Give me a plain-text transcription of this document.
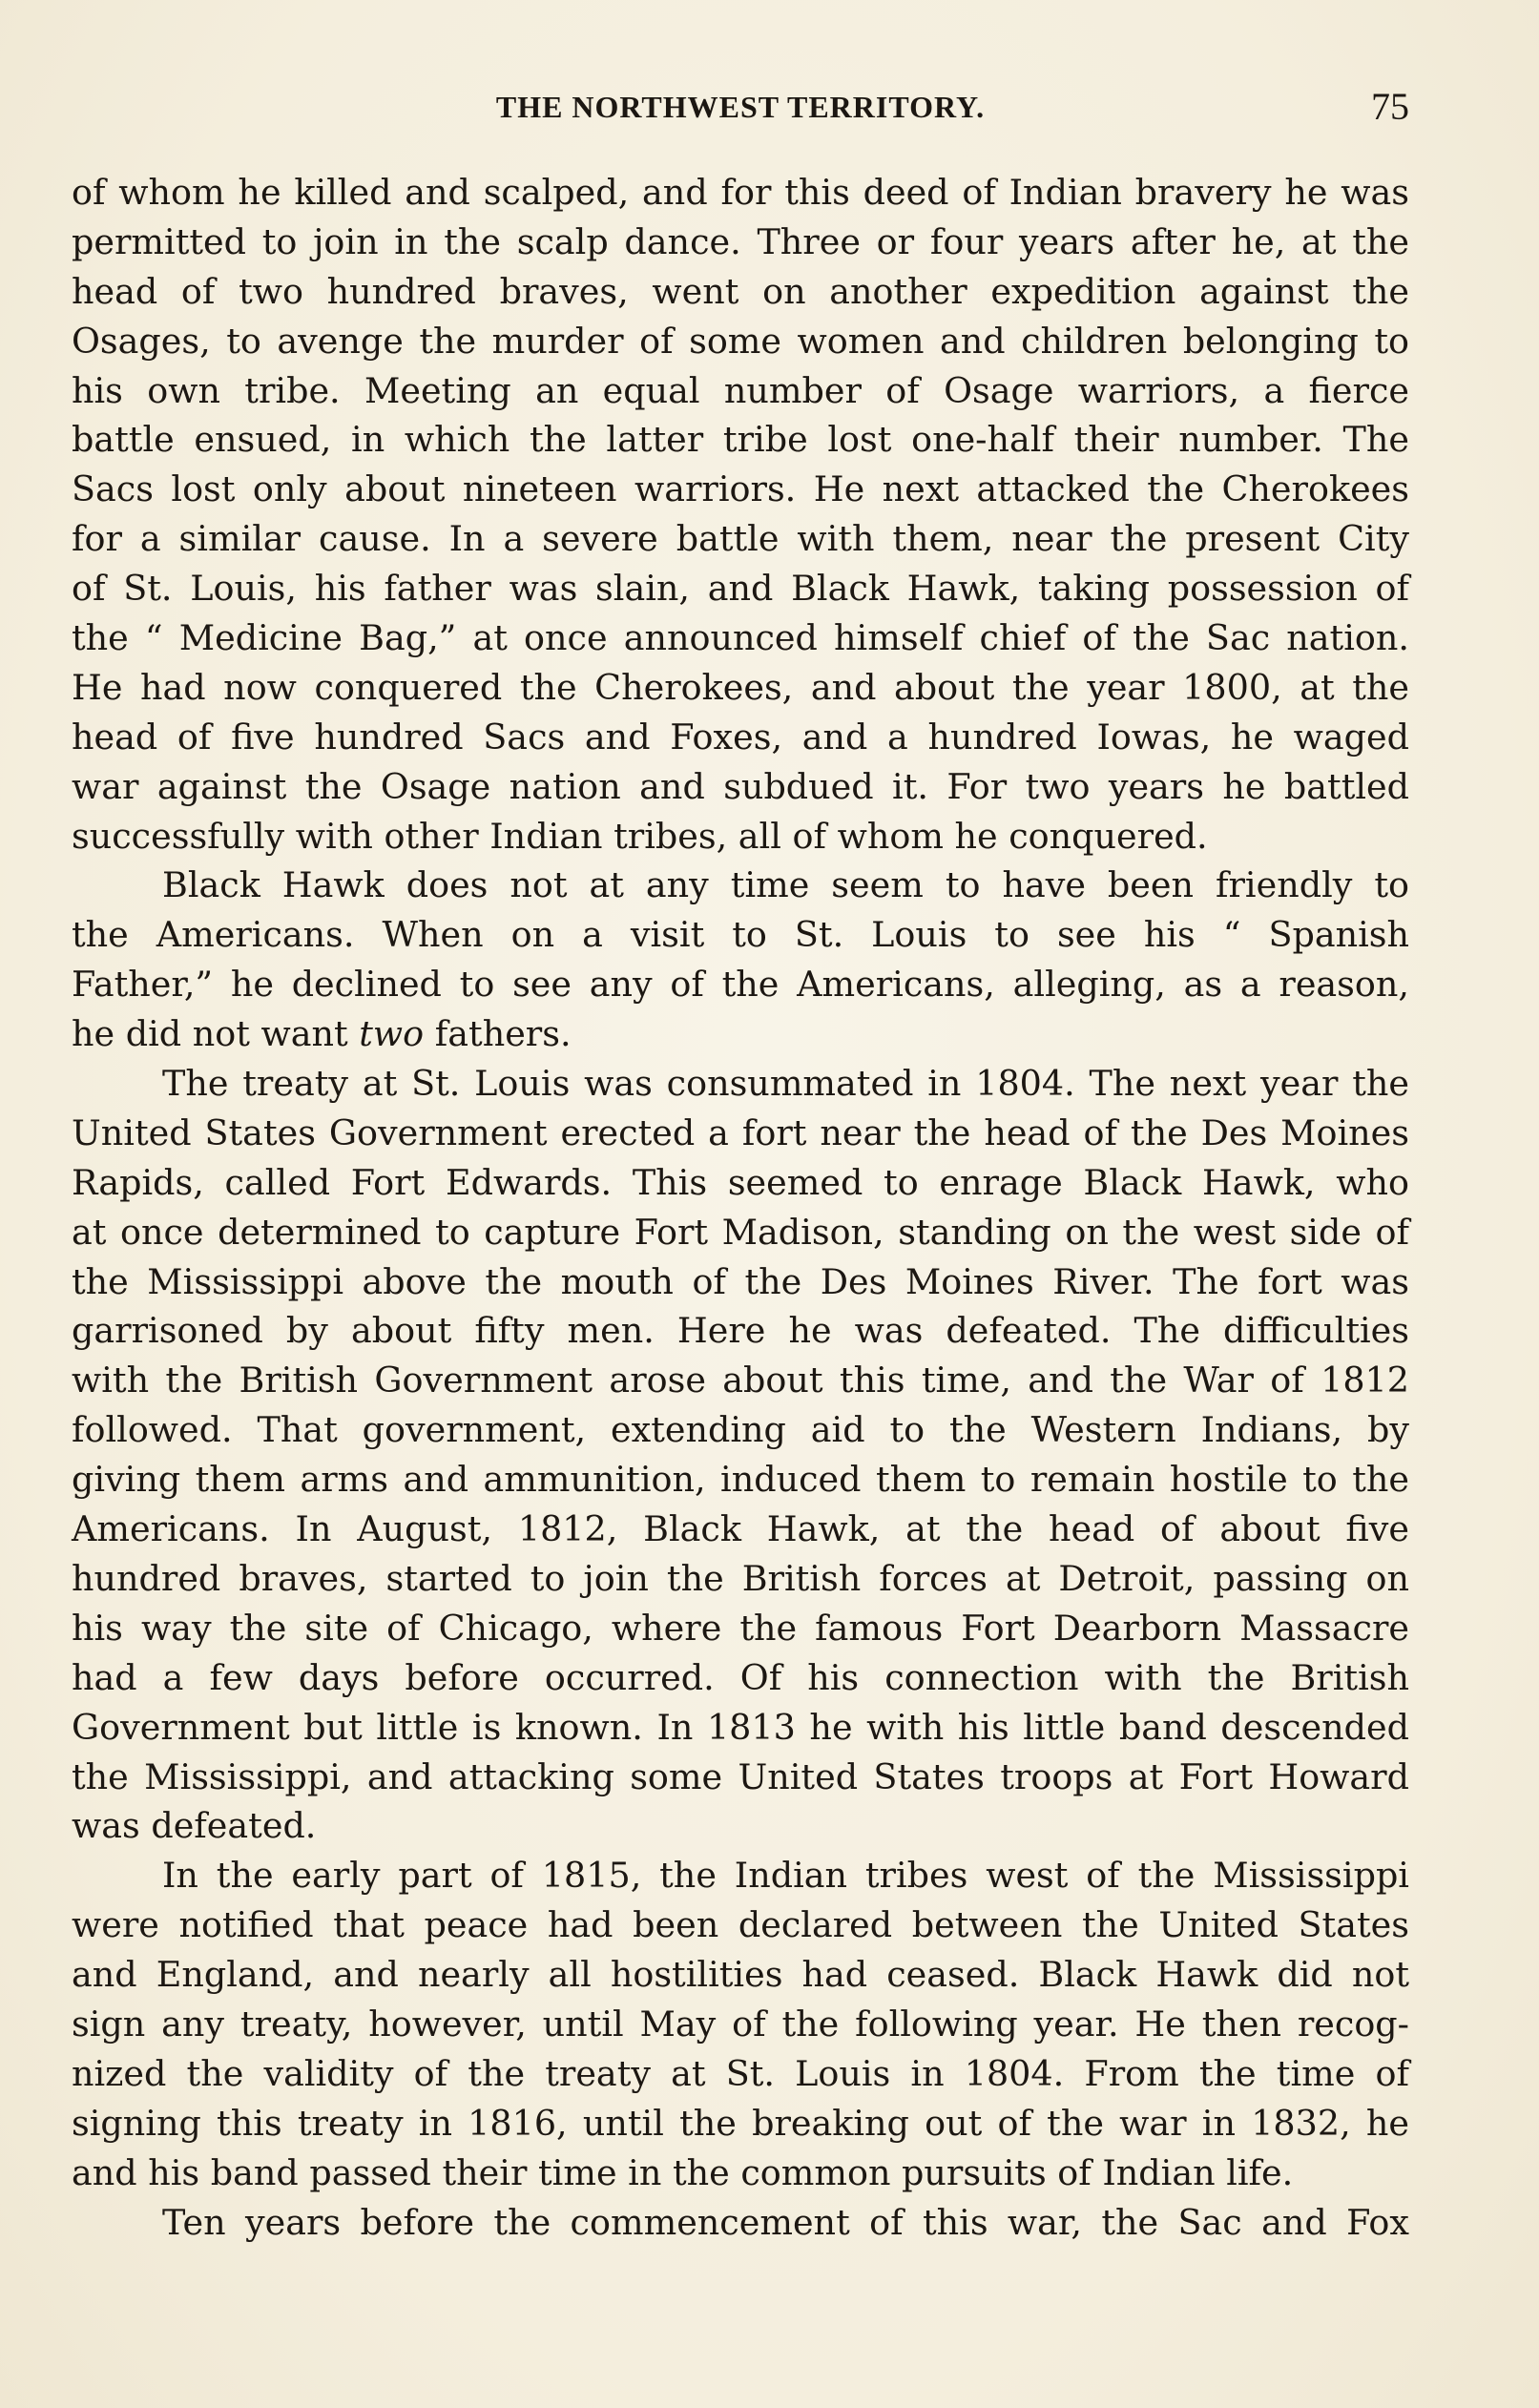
THE NORTHWEST TERRITORY.	75
of whom he killed and scalped, and for this deed of Indian bravery he was
permitted to join in the scalp dance. Three or four years after he, at the
head of two hundred braves, went on another expedition against the
Osages, to avenge the murder of some women and children belonging to
his own tribe. Meeting an equal number of Osage warriors, a fierce
battle ensued, in which the latter tribe lost one-half their number. The
Sacs lost only about nineteen warriors. He next attacked the Cherokees
for a similar cause. In a severe battle with them, near the present City
of St. Louis, his father was slain, and Black Hawk, taking possession of
the “ Medicine Bag,” at once announced himself chief of the Sac nation.
He had now conquered the Cherokees, and about the year 1800, at the
head of five hundred Sacs and Foxes, and a hundred Iowas, he waged
war against the Osage nation and subdued it. For two years he battled
successfully with other Indian tribes, all of whom he conquered.
Black Hawk does not at any time seem to have been friendly to
the Americans. When on a visit to St. Louis to see his “ Spanish
Father,” he declined to see any of the Americans, alleging, as a reason,
he did not want two fathers.
The treaty at St. Louis was consummated in 1804. The next year the
United States Government erected a fort near the head of the Des Moines
Rapids, called Fort Edwards. This seemed to enrage Black Hawk, who
at once determined to capture Fort Madison, standing on the west side of
the Mississippi above the mouth of the Des Moines River. The fort was
garrisoned by about fifty men. Here he was defeated. The difficulties
with the British Government arose about this time, and the War of 1812
followed. That government, extending aid to the Western Indians, by
giving them arms and ammunition, induced them to remain hostile to the
Americans. In August, 1812, Black Hawk, at the head of about five
hundred braves, started to join the British forces at Detroit, passing on
his way the site of Chicago, where the famous Fort Dearborn Massacre
had a few days before occurred. Of his connection with the British
Government but little is known. In 1813 he with his little band descended
the Mississippi, and attacking some United States troops at Fort Howard
was defeated.
In the early part of 1815, the Indian tribes west of the Mississippi
were notified that peace had been declared between the United States
and England, and nearly all hostilities had ceased. Black Hawk did not
sign any treaty, however, until May of the following year. He then recog-
nized the validity of the treaty at St. Louis in 1804. From the time of
signing this treaty in 1816, until the breaking out of the war in 1832, he
and his band passed their time in the common pursuits of Indian life.
Ten years before the commencement of this war, the Sac and Fox
